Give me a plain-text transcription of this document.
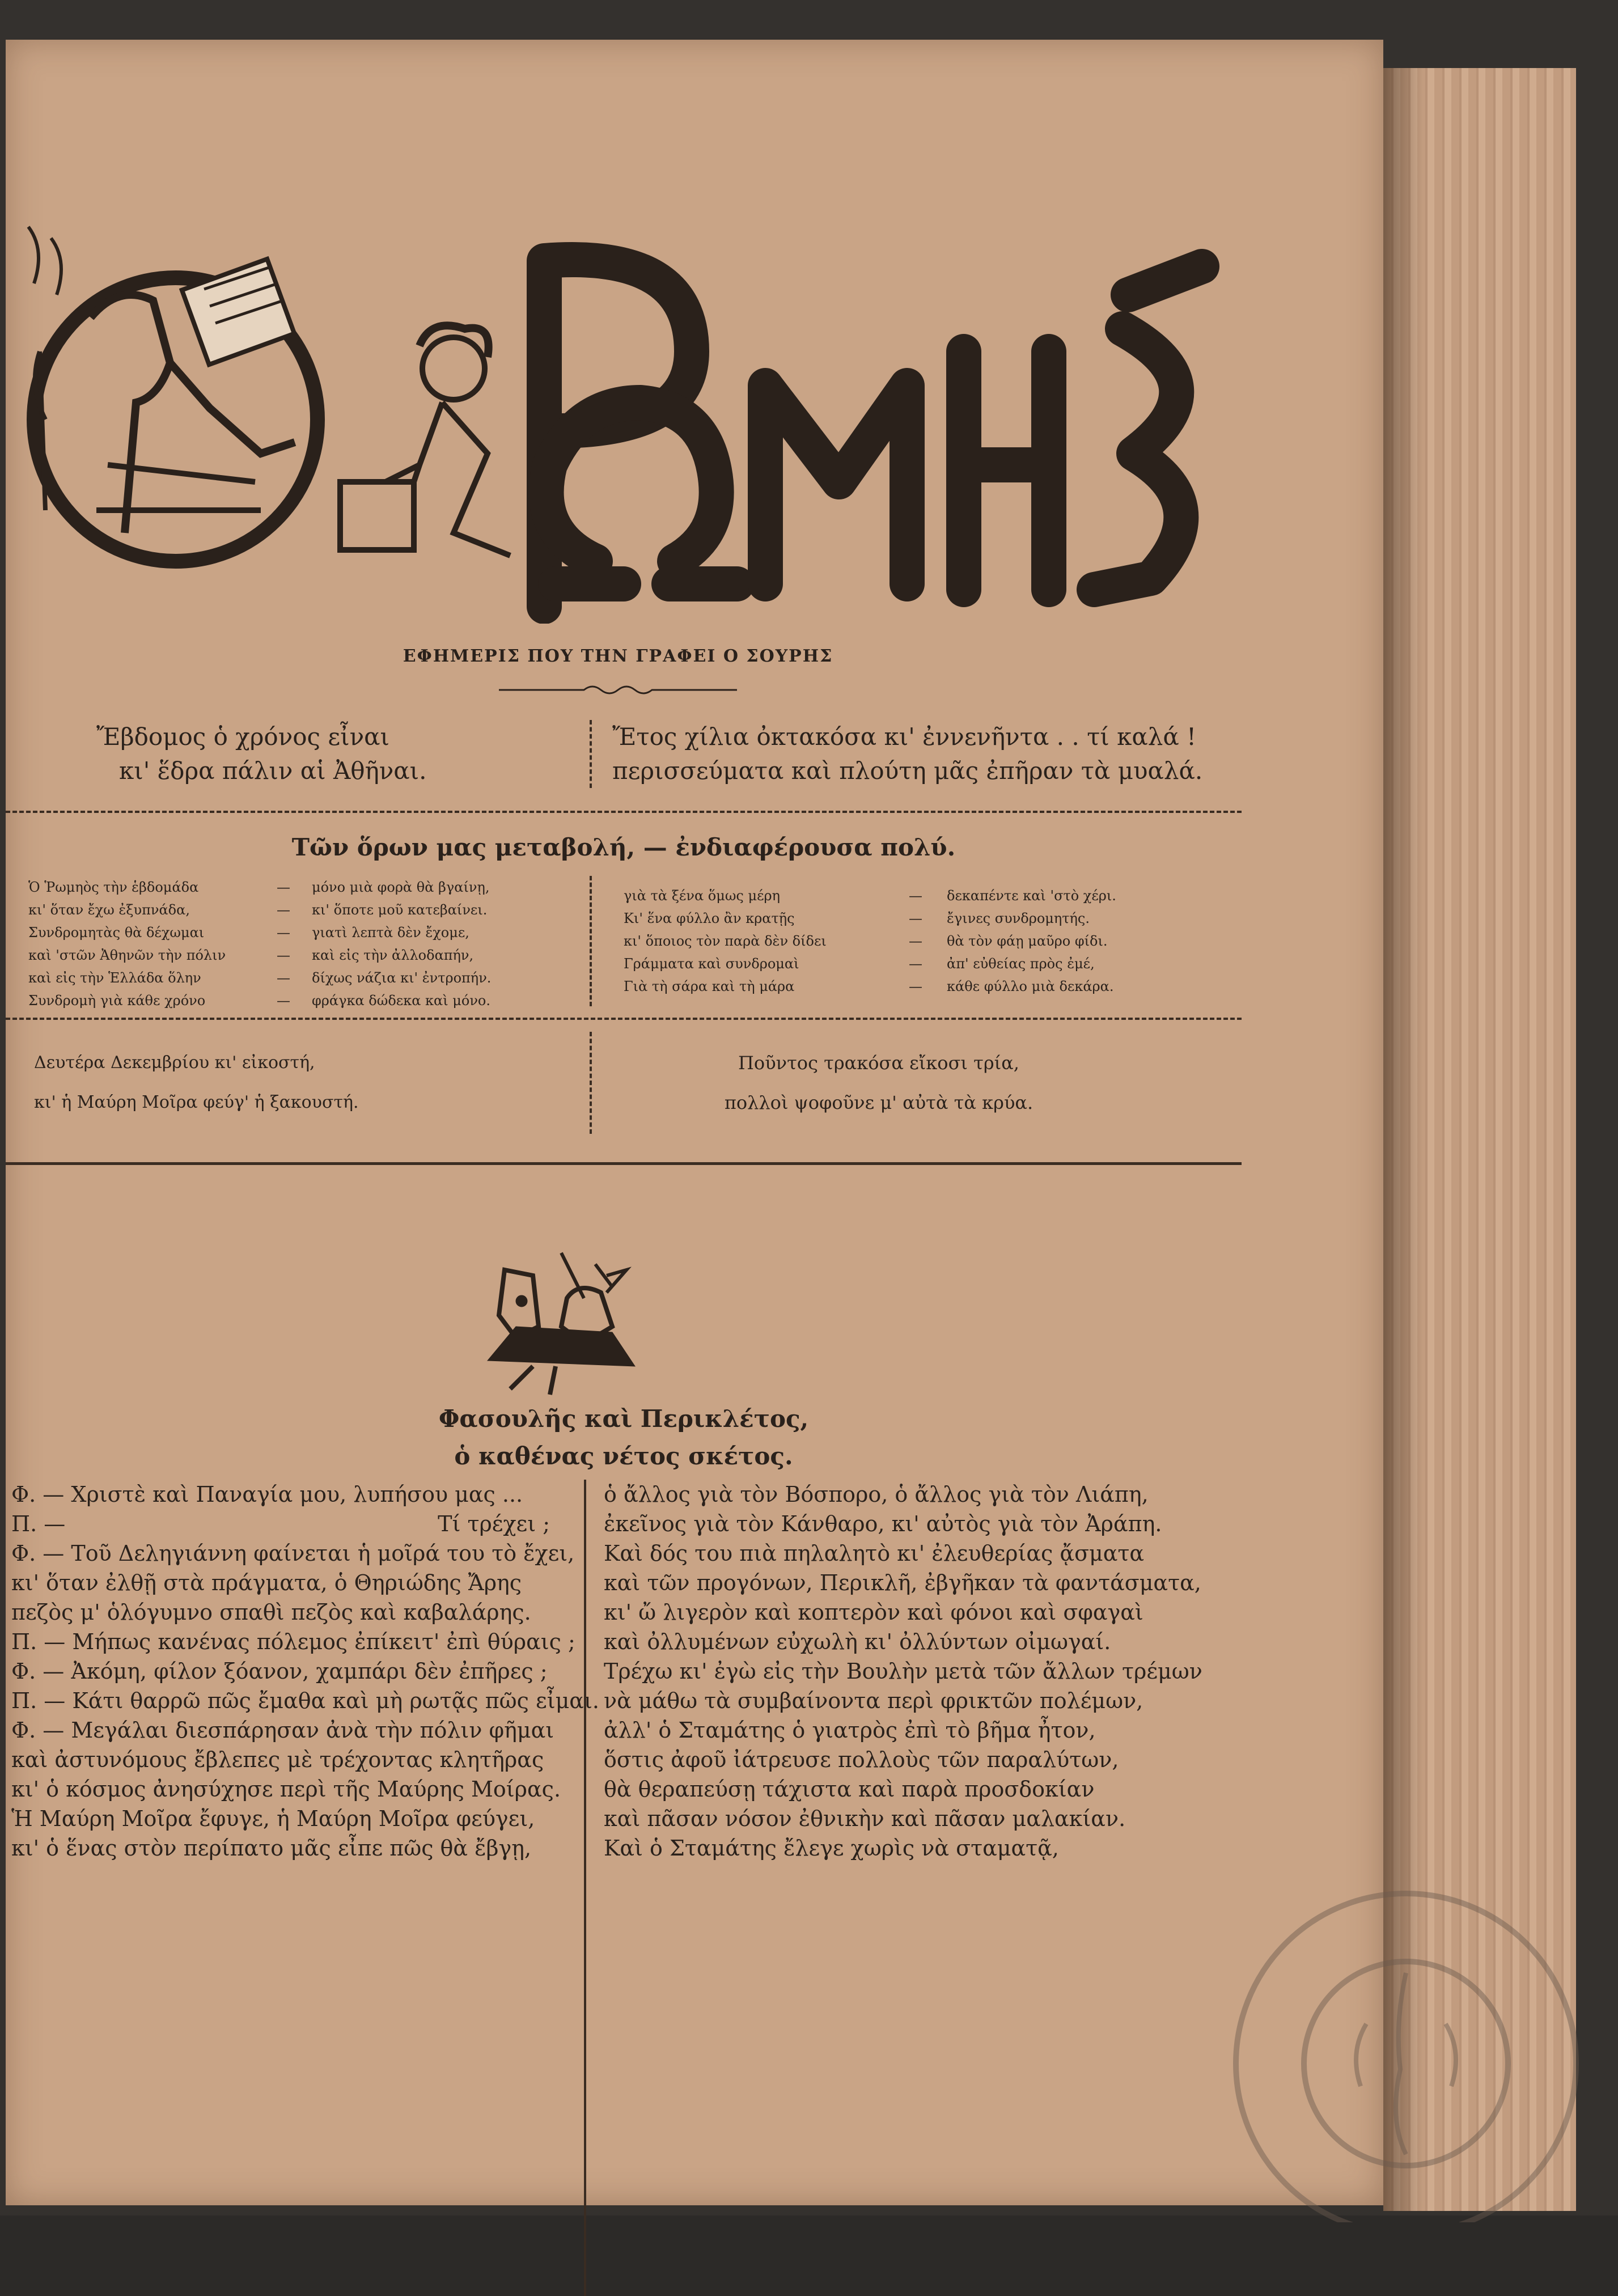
ΕΦΗΜΕΡΙΣ ΠΟΥ ΤΗΝ ΓΡΑΦΕΙ Ο ΣΟΥΡΗΣ
Ἔβδομος ὁ χρόνος εἶναι
κι' ἕδρα πάλιν αἱ Ἀθῆναι.
Ἔτος χίλια ὀκτακόσα κι' ἐννενῆντα . . τί καλά !
περισσεύματα καὶ πλούτη μᾶς ἐπῆραν τὰ μυαλά.
Τῶν ὅρων μας μεταβολή, — ἐνδιαφέρουσα πολύ.
Ὁ Ῥωμηὸς τὴν ἑβδομάδα	—	μόνο μιὰ φορὰ θὰ βγαίνῃ,
κι' ὅταν ἔχω ἐξυπνάδα,	—	κι' ὅποτε μοῦ κατεβαίνει.
Συνδρομητὰς θὰ δέχωμαι	—	γιατὶ λεπτὰ δὲν ἔχομε,
καὶ 'στῶν Ἀθηνῶν τὴν πόλιν	—	καὶ εἰς τὴν ἀλλοδαπήν,
καὶ εἰς τὴν Ἑλλάδα ὅλην	—	δίχως νάζια κι' ἐντροπήν.
Συνδρομὴ γιὰ κάθε χρόνο	—	φράγκα δώδεκα καὶ μόνο.
γιὰ τὰ ξένα ὅμως μέρη	—	δεκαπέντε καὶ 'στὸ χέρι.
Κι' ἕνα φύλλο ἂν κρατῇς	—	ἔγινες συνδρομητής.
κι' ὅποιος τὸν παρὰ δὲν δίδει	—	θὰ τὸν φάῃ μαῦρο φίδι.
Γράμματα καὶ συνδρομαὶ	—	ἀπ' εὐθείας πρὸς ἐμέ,
Γιὰ τὴ σάρα καὶ τὴ μάρα	—	κάθε φύλλο μιὰ δεκάρα.
Δευτέρα Δεκεμβρίου κι' εἰκοστή,
κι' ἡ Μαύρη Μοῖρα φεύγ' ἡ ξακουστή.
Ποῦντος τρακόσα εἴκοσι τρία,
πολλοὶ ψοφοῦνε μ' αὐτὰ τὰ κρύα.
Φασουλῆς καὶ Περικλέτος,
ὁ καθένας νέτος σκέτος.
Φ. — Χριστὲ καὶ Παναγία μου, λυπήσου μας ...
Π. —	Τί τρέχει ;
Φ. — Τοῦ Δεληγιάννη φαίνεται ἡ μοῖρά του τὸ ἔχει,
κι' ὅταν ἐλθῇ στὰ πράγματα, ὁ Θηριώδης Ἄρης
πεζὸς μ' ὁλόγυμνο σπαθὶ πεζὸς καὶ καβαλάρης.
Π. — Μήπως κανένας πόλεμος ἐπίκειτ' ἐπὶ θύραις ;
Φ. — Ἀκόμη, φίλον ξόανον, χαμπάρι δὲν ἐπῆρες ;
Π. — Κάτι θαρρῶ πῶς ἔμαθα καὶ μὴ ρωτᾷς πῶς εἶμαι.
Φ. — Μεγάλαι διεσπάρησαν ἀνὰ τὴν πόλιν φῆμαι
καὶ ἀστυνόμους ἔβλεπες μὲ τρέχοντας κλητῆρας
κι' ὁ κόσμος ἀνησύχησε περὶ τῆς Μαύρης Μοίρας.
Ἡ Μαύρη Μοῖρα ἔφυγε, ἡ Μαύρη Μοῖρα φεύγει,
κι' ὁ ἕνας στὸν περίπατο μᾶς εἶπε πῶς θὰ ἔβγῃ,
ὁ ἄλλος γιὰ τὸν Βόσπορο, ὁ ἄλλος γιὰ τὸν Λιάπη,
ἐκεῖνος γιὰ τὸν Κάνθαρο, κι' αὐτὸς γιὰ τὸν Ἀράπη.
Καὶ δός του πιὰ πηλαλητὸ κι' ἐλευθερίας ᾄσματα
καὶ τῶν προγόνων, Περικλῆ, ἐβγῆκαν τὰ φαντάσματα,
κι' ὤ λιγερὸν καὶ κοπτερὸν καὶ φόνοι καὶ σφαγαὶ
καὶ ὀλλυμένων εὐχωλὴ κι' ὀλλύντων οἰμωγαί.
Τρέχω κι' ἐγὼ εἰς τὴν Βουλὴν μετὰ τῶν ἄλλων τρέμων
νὰ μάθω τὰ συμβαίνοντα περὶ φρικτῶν πολέμων,
ἀλλ' ὁ Σταμάτης ὁ γιατρὸς ἐπὶ τὸ βῆμα ἦτον,
ὅστις ἀφοῦ ἰάτρευσε πολλοὺς τῶν παραλύτων,
θὰ θεραπεύσῃ τάχιστα καὶ παρὰ προσδοκίαν
καὶ πᾶσαν νόσον ἐθνικὴν καὶ πᾶσαν μαλακίαν.
Καὶ ὁ Σταμάτης ἔλεγε χωρὶς νὰ σταματᾷ,
